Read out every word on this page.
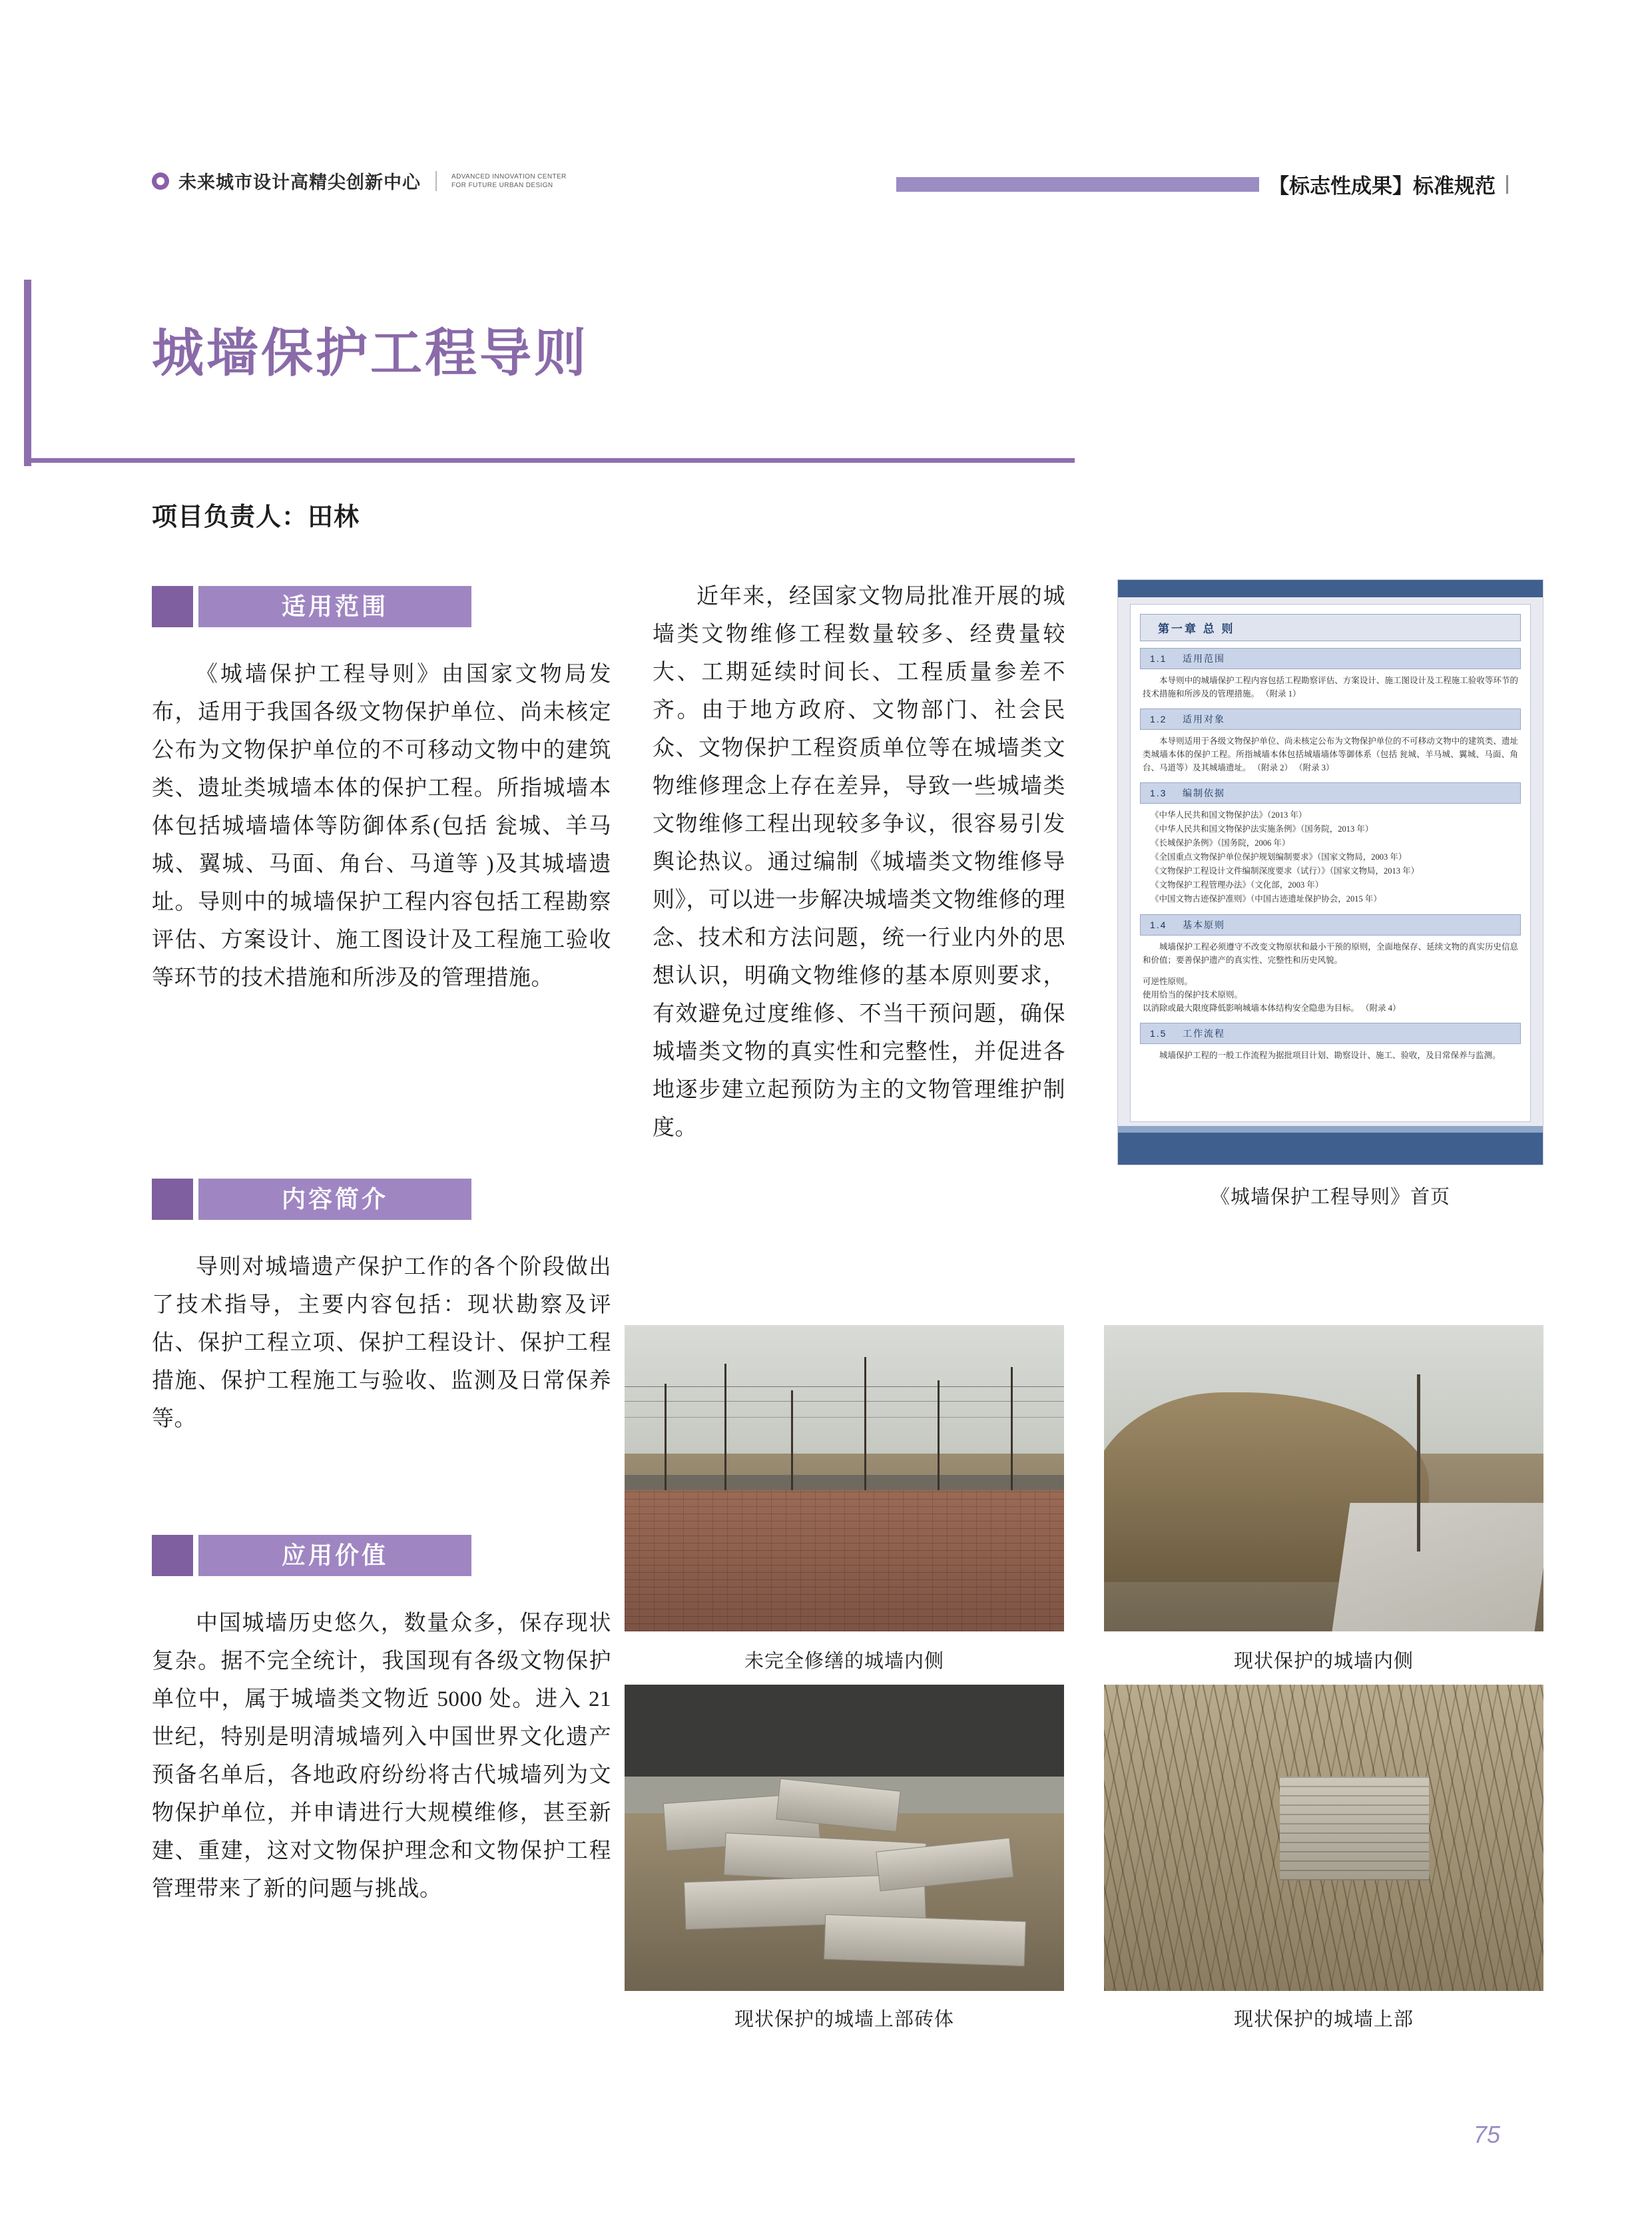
未来城市设计高精尖创新中心	ADVANCED INNOVATION CENTER
FOR FUTURE URBAN DESIGN	【标志性成果】标准规范
城墙保护工程导则
项目负责人：田林
适用范围
《城墙保护工程导则》由国家文物局发布，适用于我国各级文物保护单位、尚未核定公布为文物保护单位的不可移动文物中的建筑类、遗址类城墙本体的保护工程。所指城墙本体包括城墙墙体等防御体系(包括 瓮城、羊马城、翼城、马面、角台、马道等 )及其城墙遗址。导则中的城墙保护工程内容包括工程勘察评估、方案设计、施工图设计及工程施工验收等环节的技术措施和所涉及的管理措施。
内容简介
导则对城墙遗产保护工作的各个阶段做出了技术指导，主要内容包括：现状勘察及评估、保护工程立项、保护工程设计、保护工程措施、保护工程施工与验收、监测及日常保养等。
应用价值
中国城墙历史悠久，数量众多，保存现状复杂。据不完全统计，我国现有各级文物保护单位中，属于城墙类文物近 5000 处。进入 21 世纪，特别是明清城墙列入中国世界文化遗产预备名单后，各地政府纷纷将古代城墙列为文物保护单位，并申请进行大规模维修，甚至新建、重建，这对文物保护理念和文物保护工程管理带来了新的问题与挑战。
近年来，经国家文物局批准开展的城墙类文物维修工程数量较多、经费量较大、工期延续时间长、工程质量参差不齐。由于地方政府、文物部门、社会民众、文物保护工程资质单位等在城墙类文物维修理念上存在差异，导致一些城墙类文物维修工程出现较多争议，很容易引发舆论热议。通过编制《城墙类文物维修导则》，可以进一步解决城墙类文物维修的理念、技术和方法问题，统一行业内外的思想认识，明确文物维修的基本原则要求，有效避免过度维修、不当干预问题，确保城墙类文物的真实性和完整性，并促进各地逐步建立起预防为主的文物管理维护制度。
第一章 总 则
1.1 适用范围
本导则中的城墙保护工程内容包括工程勘察评估、方案设计、施工图设计及工程施工验收等环节的技术措施和所涉及的管理措施。 （附录 1）
1.2 适用对象
本导则适用于各级文物保护单位、尚未核定公布为文物保护单位的不可移动文物中的建筑类、遗址类城墙本体的保护工程。所指城墙本体包括城墙墙体等御体系（包括 瓮城、羊马城、翼城、马面、角台、马道等）及其城墙遗址。 （附录 2） （附录 3）
1.3 编制依据
《中华人民共和国文物保护法》（2013 年）
《中华人民共和国文物保护法实施条例》（国务院，2013 年）
《长城保护条例》（国务院，2006 年）
《全国重点文物保护单位保护规划编制要求》（国家文物局，2003 年）
《文物保护工程设计文件编制深度要求（试行）》（国家文物局，2013 年）
《文物保护工程管理办法》（文化部，2003 年）
《中国文物古迹保护准则》（中国古迹遗址保护协会，2015 年）
1.4 基本原则
城墙保护工程必须遵守不改变文物原状和最小干预的原则，全面地保存、延续文物的真实历史信息和价值；要善保护遗产的真实性、完整性和历史风貌。
可逆性原则。
使用恰当的保护技术原则。
以消除或最大限度降低影响城墙本体结构安全隐患为目标。 （附录 4）
1.5 工作流程
城墙保护工程的一般工作流程为据批项目计划、勘察设计、施工、验收，及日常保养与监测。
《城墙保护工程导则》首页
未完全修缮的城墙内侧	现状保护的城墙内侧
现状保护的城墙上部砖体	现状保护的城墙上部
75
